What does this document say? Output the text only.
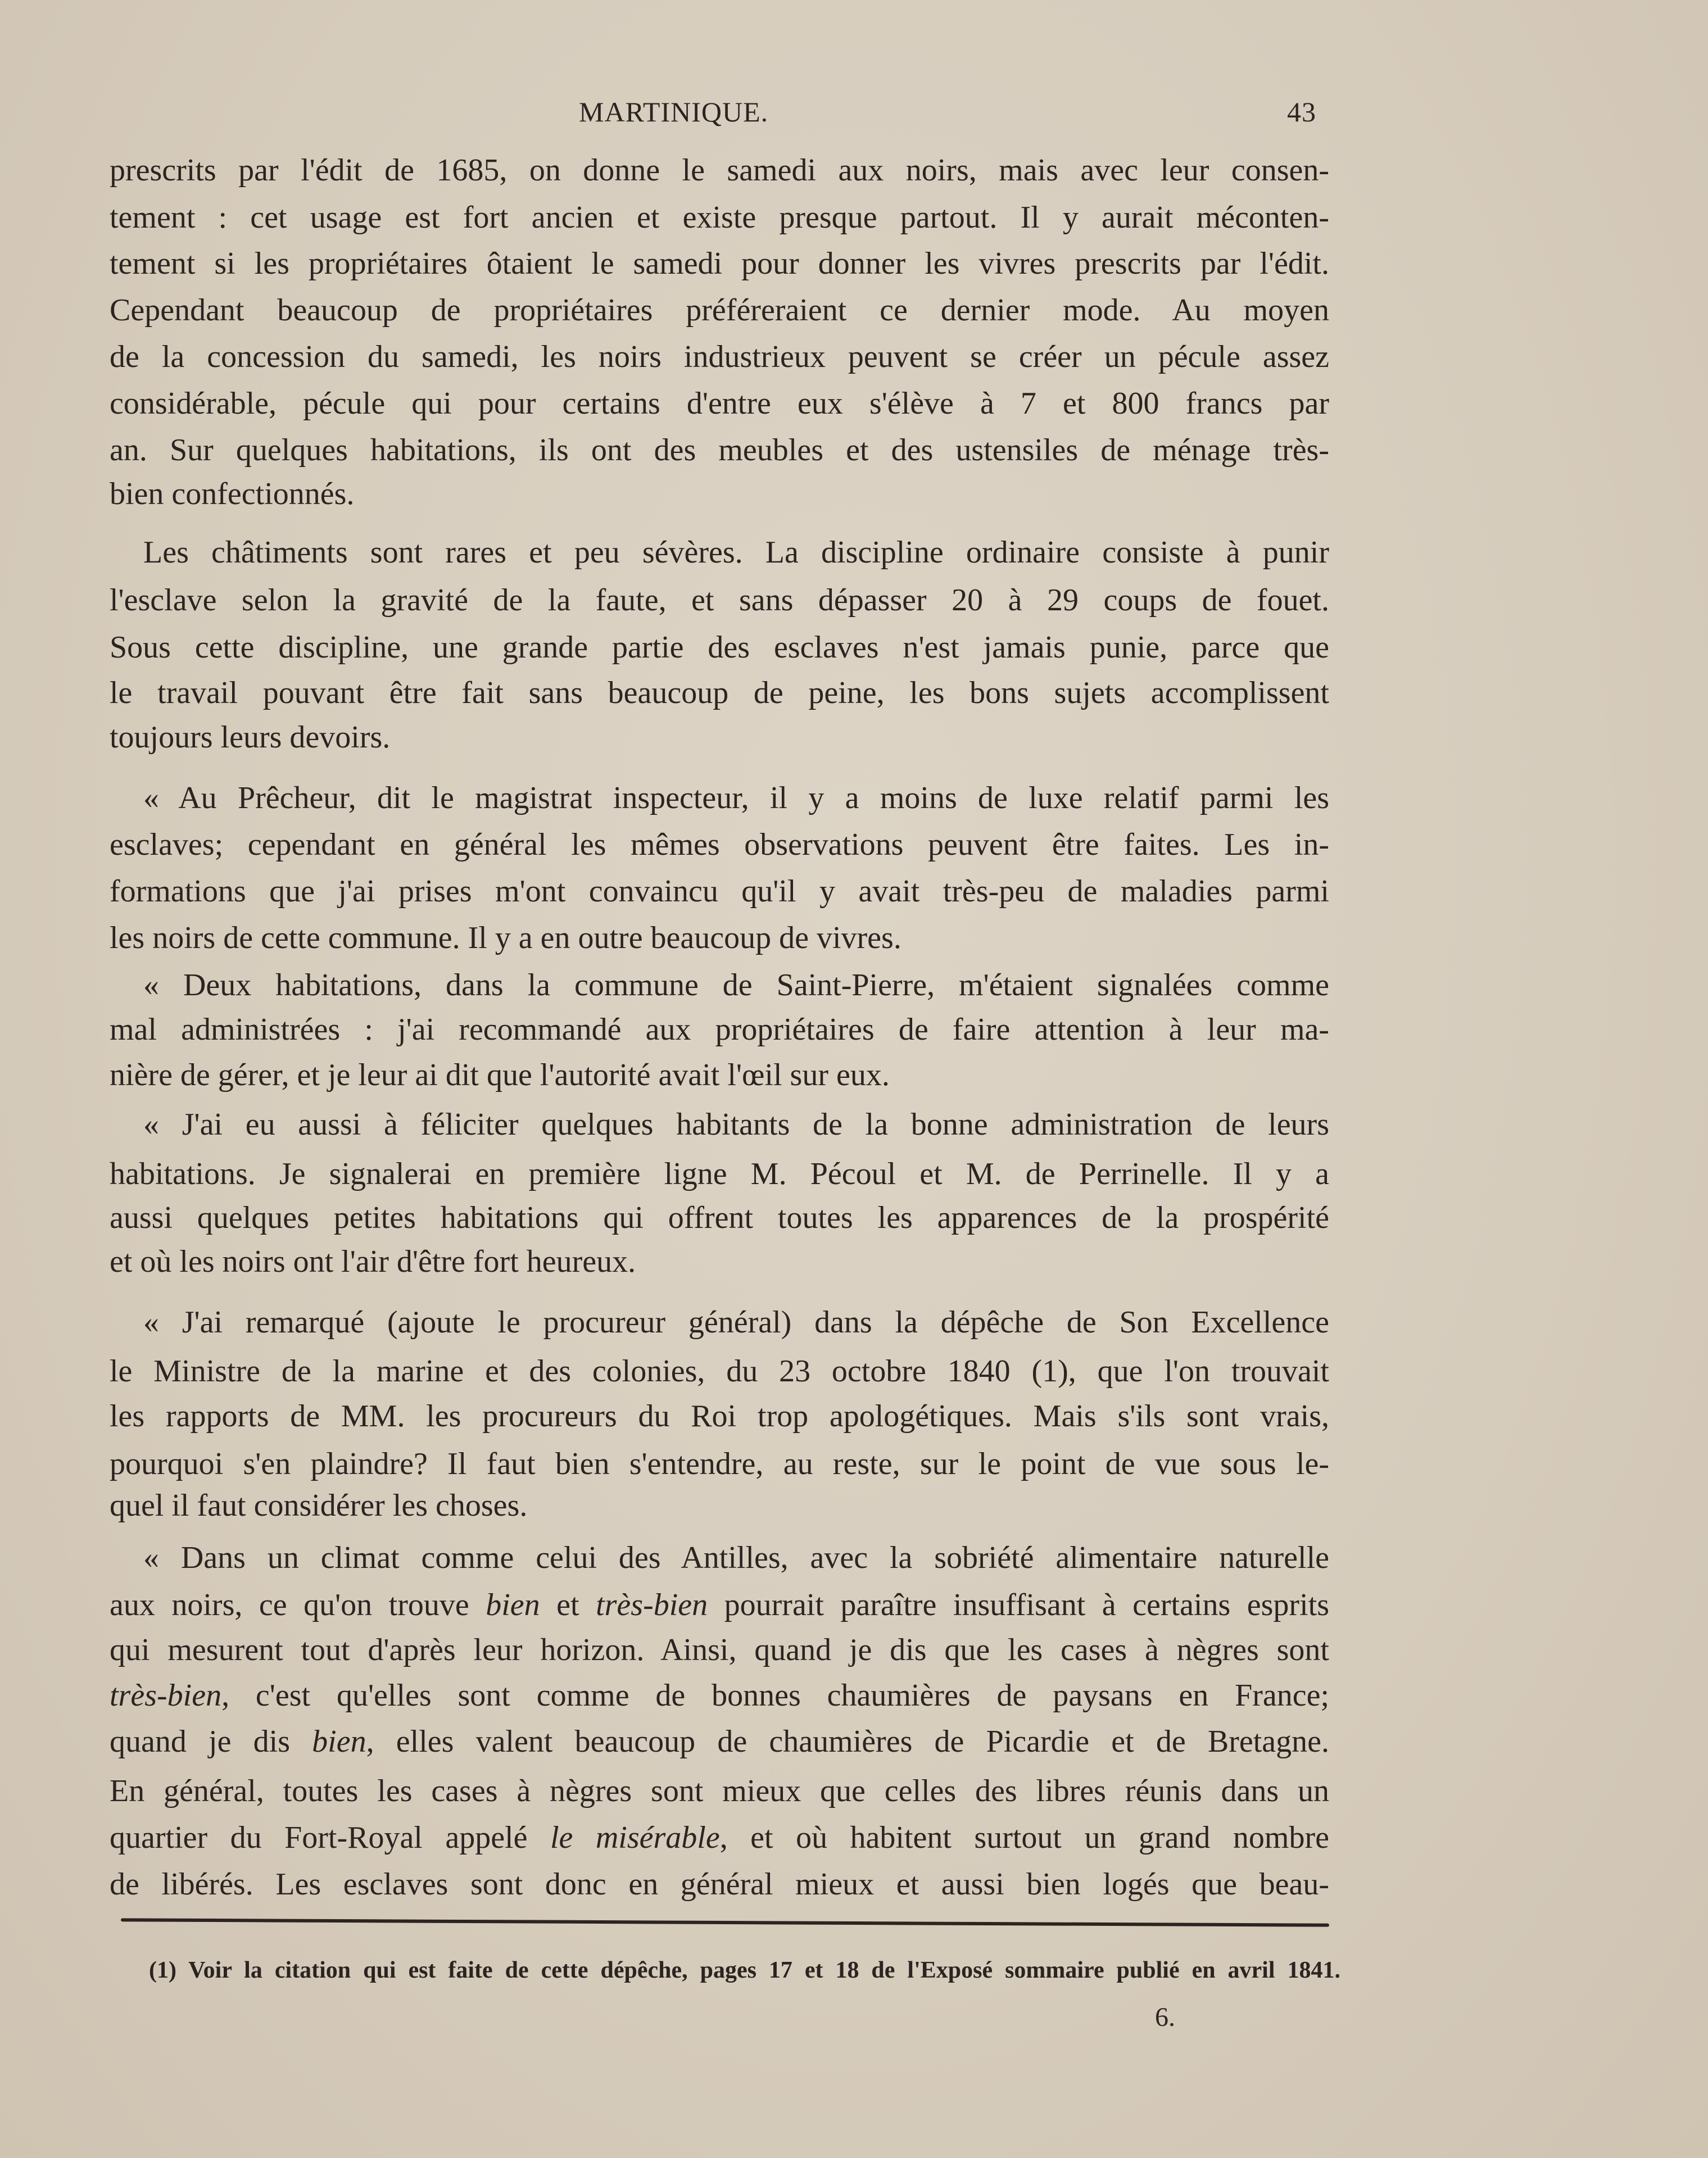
MARTINIQUE.	43
prescrits par l'édit de 1685, on donne le samedi aux noirs, mais avec leur consen-
tement : cet usage est fort ancien et existe presque partout. Il y aurait méconten-
tement si les propriétaires ôtaient le samedi pour donner les vivres prescrits par l'édit.
Cependant beaucoup de propriétaires préféreraient ce dernier mode. Au moyen
de la concession du samedi, les noirs industrieux peuvent se créer un pécule assez
considérable, pécule qui pour certains d'entre eux s'élève à 7 et 800 francs par
an. Sur quelques habitations, ils ont des meubles et des ustensiles de ménage très-
bien confectionnés.
Les châtiments sont rares et peu sévères. La discipline ordinaire consiste à punir
l'esclave selon la gravité de la faute, et sans dépasser 20 à 29 coups de fouet.
Sous cette discipline, une grande partie des esclaves n'est jamais punie, parce que
le travail pouvant être fait sans beaucoup de peine, les bons sujets accomplissent
toujours leurs devoirs.
« Au Prêcheur, dit le magistrat inspecteur, il y a moins de luxe relatif parmi les
esclaves; cependant en général les mêmes observations peuvent être faites. Les in-
formations que j'ai prises m'ont convaincu qu'il y avait très-peu de maladies parmi
les noirs de cette commune. Il y a en outre beaucoup de vivres.
« Deux habitations, dans la commune de Saint-Pierre, m'étaient signalées comme
mal administrées : j'ai recommandé aux propriétaires de faire attention à leur ma-
nière de gérer, et je leur ai dit que l'autorité avait l'œil sur eux.
« J'ai eu aussi à féliciter quelques habitants de la bonne administration de leurs
habitations. Je signalerai en première ligne M. Pécoul et M. de Perrinelle. Il y a
aussi quelques petites habitations qui offrent toutes les apparences de la prospérité
et où les noirs ont l'air d'être fort heureux.
« J'ai remarqué (ajoute le procureur général) dans la dépêche de Son Excellence
le Ministre de la marine et des colonies, du 23 octobre 1840 (1), que l'on trouvait
les rapports de MM. les procureurs du Roi trop apologétiques. Mais s'ils sont vrais,
pourquoi s'en plaindre? Il faut bien s'entendre, au reste, sur le point de vue sous le-
quel il faut considérer les choses.
« Dans un climat comme celui des Antilles, avec la sobriété alimentaire naturelle
aux noirs, ce qu'on trouve bien et très-bien pourrait paraître insuffisant à certains esprits
qui mesurent tout d'après leur horizon. Ainsi, quand je dis que les cases à nègres sont
très-bien, c'est qu'elles sont comme de bonnes chaumières de paysans en France;
quand je dis bien, elles valent beaucoup de chaumières de Picardie et de Bretagne.
En général, toutes les cases à nègres sont mieux que celles des libres réunis dans un
quartier du Fort-Royal appelé le misérable, et où habitent surtout un grand nombre
de libérés. Les esclaves sont donc en général mieux et aussi bien logés que beau-
(1) Voir la citation qui est faite de cette dépêche, pages 17 et 18 de l'Exposé sommaire publié en avril 1841.
6.
